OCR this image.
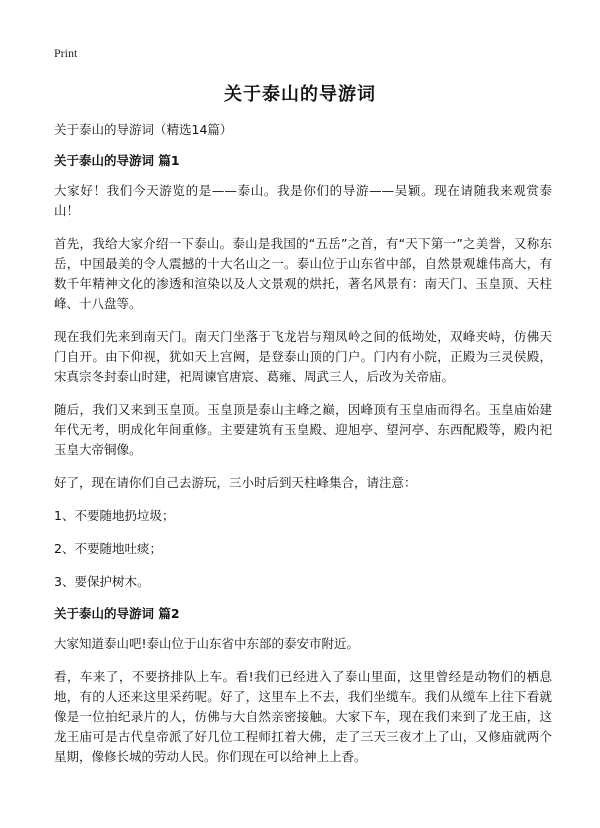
Print
关于泰山的导游词
关于泰山的导游词（精选14篇）
关于泰山的导游词 篇1

大家好！我们今天游览的是——泰山。我是你们的导游——吴颖。现在请随我来观赏泰山！

首先，我给大家介绍一下泰山。泰山是我国的“五岳”之首，有“天下第一”之美誉，又称东岳，中国最美的令人震撼的十大名山之一。泰山位于山东省中部，自然景观雄伟高大，有数千年精神文化的渗透和渲染以及人文景观的烘托，著名风景有：南天门、玉皇顶、天柱峰、十八盘等。

现在我们先来到南天门。南天门坐落于飞龙岩与翔凤岭之间的低坳处，双峰夹峙，仿佛天门自开。由下仰视，犹如天上宫阙，是登泰山顶的门户。门内有小院，正殿为三灵侯殿，宋真宗冬封泰山时建，祀周谏官唐宸、葛雍、周武三人，后改为关帝庙。

随后，我们又来到玉皇顶。玉皇顶是泰山主峰之巅，因峰顶有玉皇庙而得名。玉皇庙始建年代无考，明成化年间重修。主要建筑有玉皇殿、迎旭亭、望河亭、东西配殿等，殿内祀玉皇大帝铜像。

好了，现在请你们自己去游玩，三小时后到天柱峰集合，请注意：

1、不要随地扔垃圾；

2、不要随地吐痰；

3、要保护树木。

关于泰山的导游词 篇2

大家知道泰山吧!泰山位于山东省中东部的泰安市附近。

看，车来了，不要挤排队上车。看!我们已经进入了泰山里面，这里曾经是动物们的栖息地，有的人还来这里采药呢。好了，这里车上不去，我们坐缆车。我们从缆车上往下看就像是一位拍纪录片的人，仿佛与大自然亲密接触。大家下车，现在我们来到了龙王庙，这龙王庙可是古代皇帝派了好几位工程师扛着大佛，走了三天三夜才上了山，又修庙就两个星期，像修长城的劳动人民。你们现在可以给神上上香。
